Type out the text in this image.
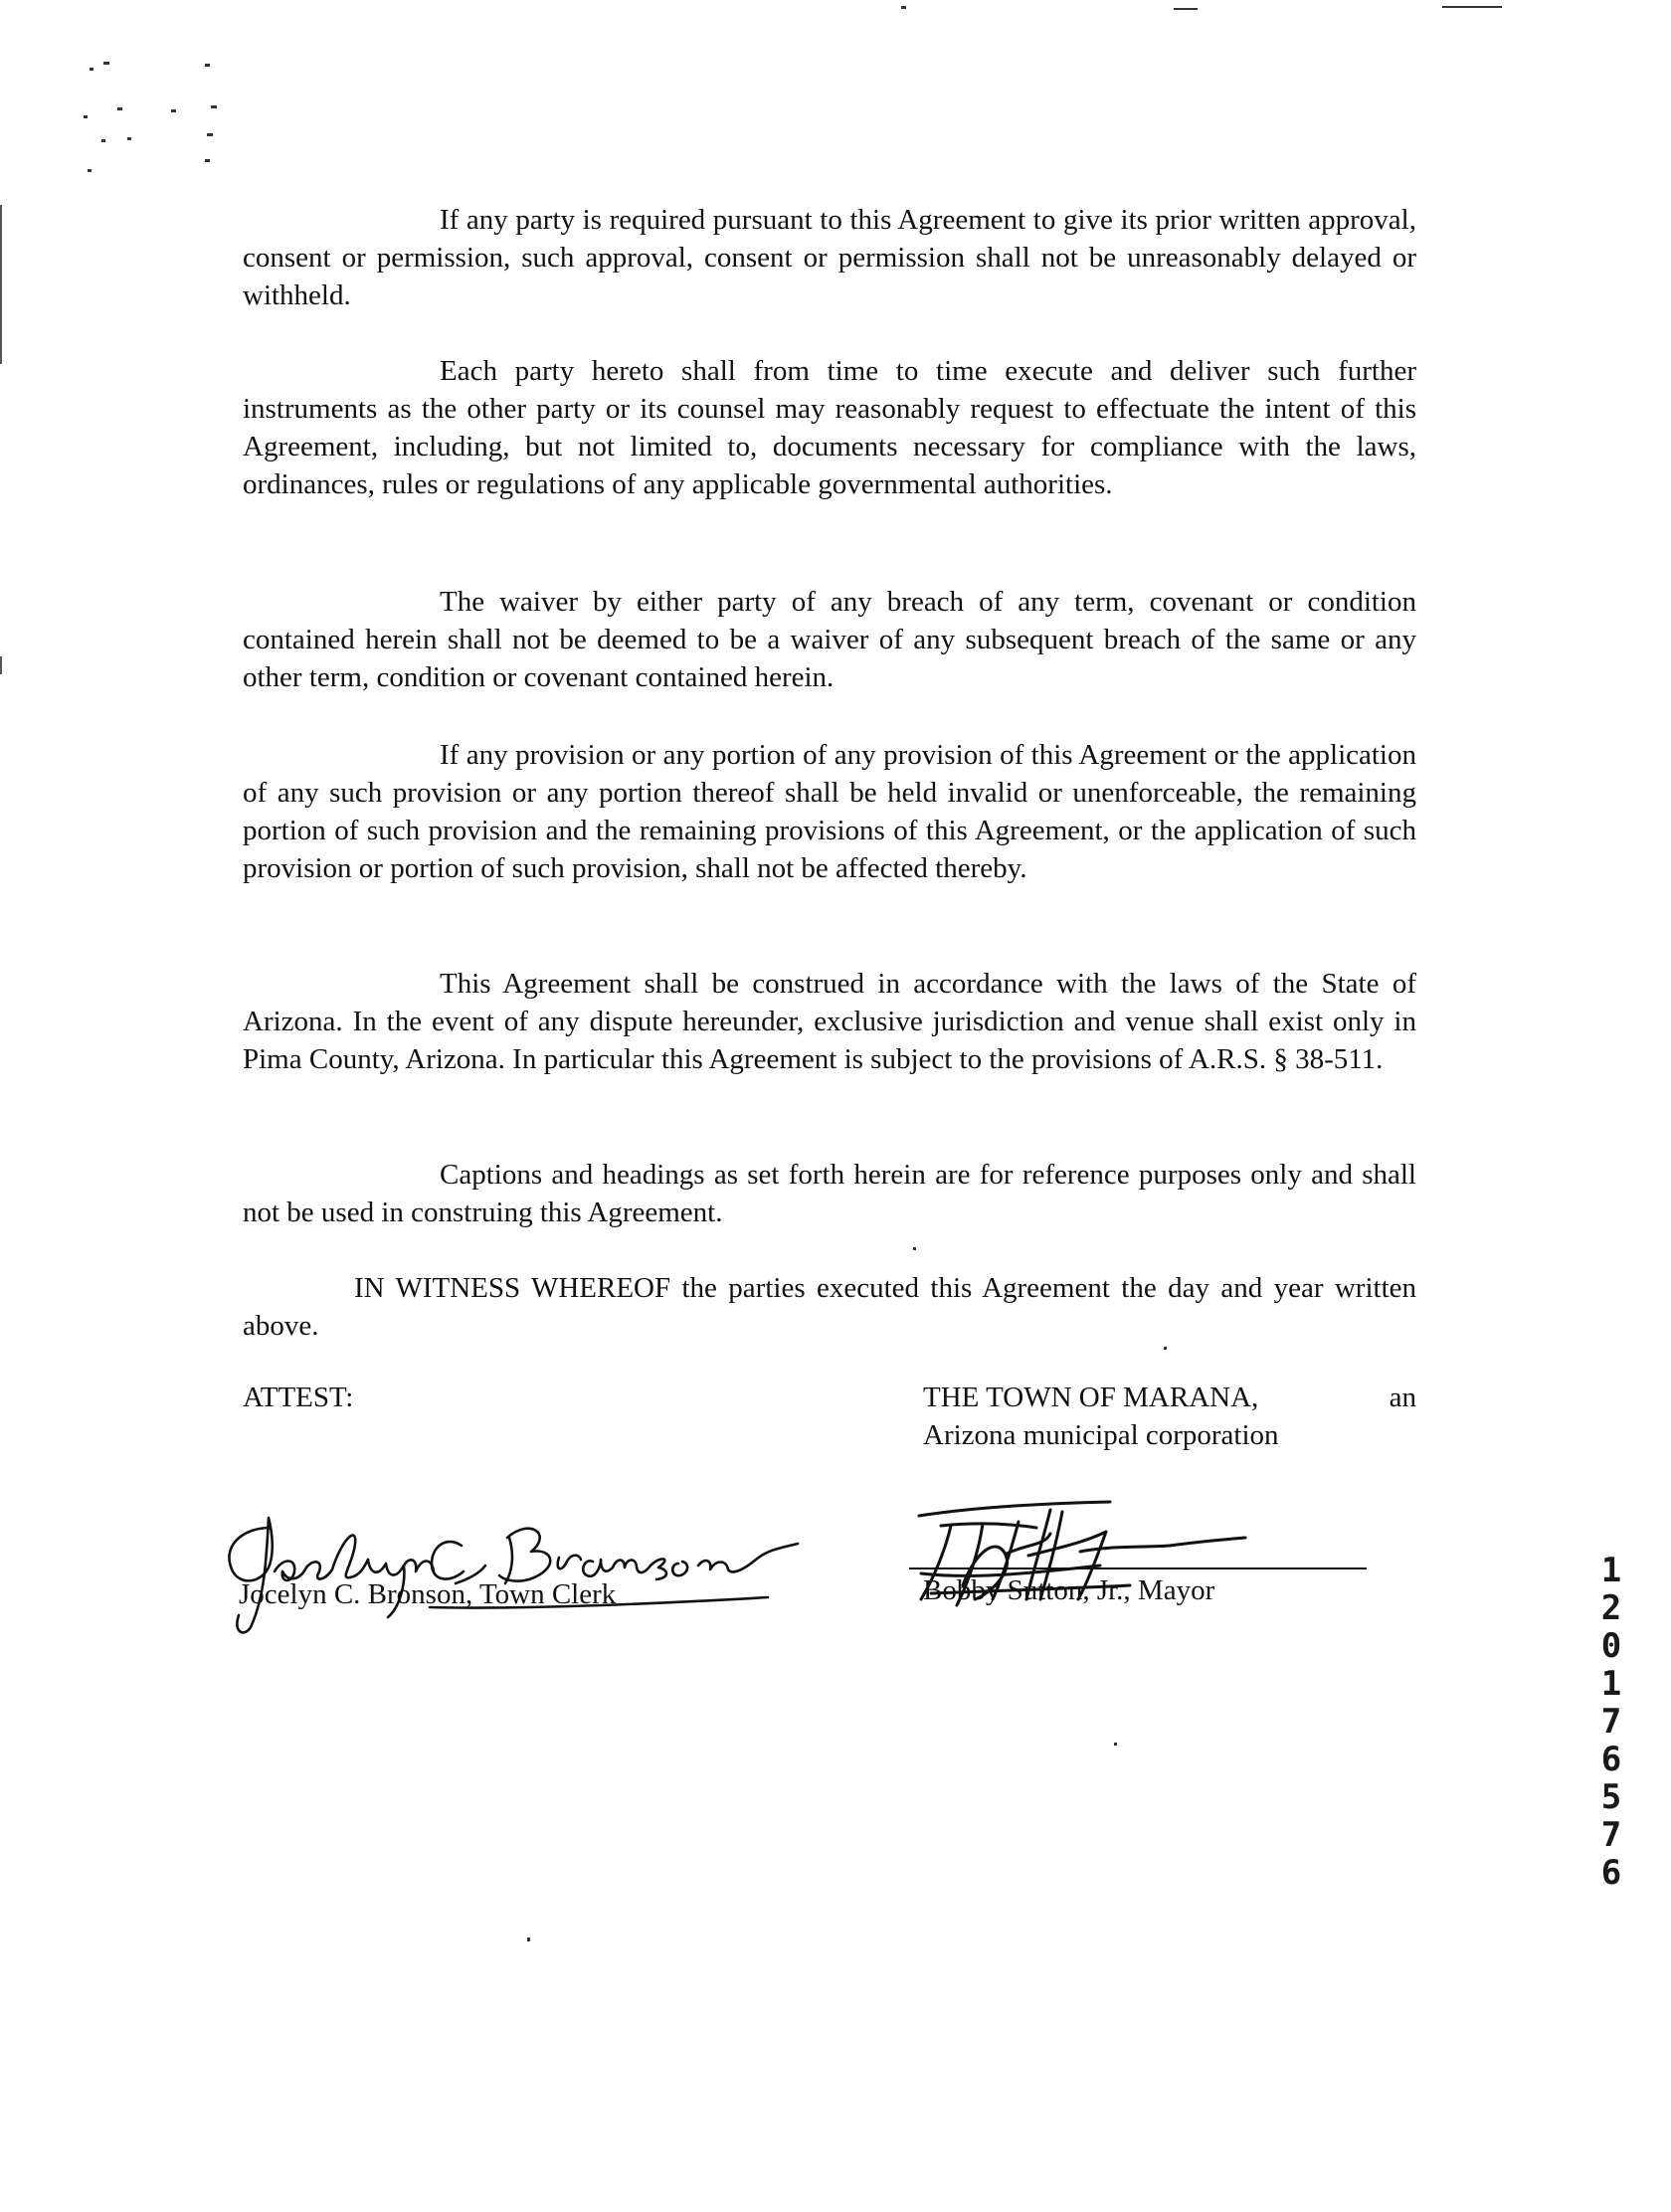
If any party is required pursuant to this Agreement to give its prior written approval, consent or permission, such approval, consent or permission shall not be unreasonably delayed or withheld.

Each party hereto shall from time to time execute and deliver such further instruments as the other party or its counsel may reasonably request to effectuate the intent of this Agreement, including, but not limited to, documents necessary for compliance with the laws, ordinances, rules or regulations of any applicable governmental authorities.

The waiver by either party of any breach of any term, covenant or condition contained herein shall not be deemed to be a waiver of any subsequent breach of the same or any other term, condition or covenant contained herein.

If any provision or any portion of any provision of this Agreement or the application of any such provision or any portion thereof shall be held invalid or unenforceable, the remaining portion of such provision and the remaining provisions of this Agreement, or the application of such provision or portion of such provision, shall not be affected thereby.

This Agreement shall be construed in accordance with the laws of the State of Arizona. In the event of any dispute hereunder, exclusive jurisdiction and venue shall exist only in Pima County, Arizona. In particular this Agreement is subject to the provisions of A.R.S. § 38-511.

Captions and headings as set forth herein are for reference purposes only and shall not be used in construing this Agreement.

IN WITNESS WHEREOF the parties executed this Agreement the day and year written above.

ATTEST:	THE TOWN OF MARANA,	an
Arizona municipal corporation
Jocelyn C. Bronson, Town Clerk	Bobby Sutton, Jr., Mayor	120176576
